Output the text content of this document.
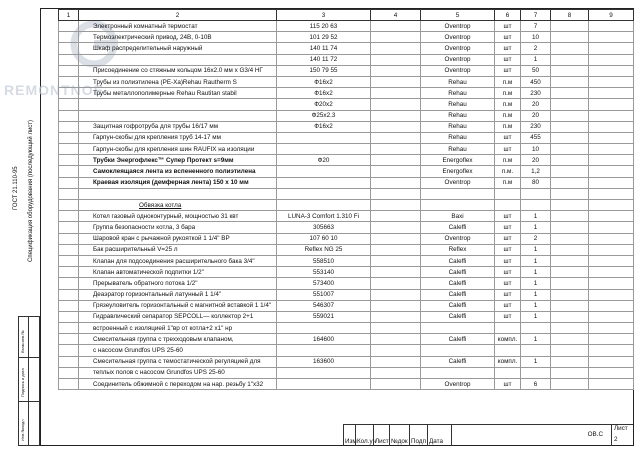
REMONTNOE
ГОСТ 21.110-95 Спецификация оборудования (последующий лист)
1	2	3	4	5	6	7	8	9
	Электронный комнатный термостат	115 20 63		Oventrop	шт	7		
	Термоэлектрический привод, 24В, 0-10В	101 29 52		Oventrop	шт	10		
	Шкаф распределительный наружный	140 11 74		Oventrop	шт	2		
		140 11 72		Oventrop	шт	1		
	Присоединение со стяжным кольцом 16x2.0 мм x G3/4 НГ	150 79 55		Oventrop	шт	50		
	Трубы из полиэтилена (PE-Xa)Rehau Rautherm S	Ф16x2		Rehau	п.м	450		
	Трубы металлополимерные Rehau Rautitan stabil	Ф16x2		Rehau	п.м	230		
		Ф20x2		Rehau	п.м	20		
		Ф25x2.3		Rehau	п.м	20		
	Защитная гофротруба для трубы 16/17 мм	Ф16x2		Rehau	п.м	230		
	Гарпун-скобы для крепления труб 14-17 мм			Rehau	шт	455		
	Гарпун-скобы для крепления шин RAUFIX на изоляции			Rehau	шт	10		
	Трубки Энергофлекс™ Супер Протект s=9мм	Ф20		Energoflex	п.м	20		
	Самоклеящаяся лента из вспененного полиэтилена			Energoflex	п.м.	1,2		
	Краевая изоляция (демферная лента) 150 х 10 мм			Oventrop	п.м	80		

	Обвязка котла							
	Котел газовый одноконтурный, мощностью 31 квт	LUNA-3 Comfort 1.310 Fi		Baxi	шт	1		
	Группа безопасности котла, 3 бара	305663		Caleffi	шт	1		
	Шаровой кран с рычажной рукояткой 1 1/4" ВР	107 60 10		Oventrop	шт	2		
	Бак расширительный V=25 л	Reflex NG 25		Reflex	шт	1		
	Клапан для подсоединения расширительного бака 3/4"	558510		Caleffi	шт	1		
	Клапан автоматической подпитки 1/2"	553140		Caleffi	шт	1		
	Прерыватель обратного потока 1/2"	573400		Caleffi	шт	1		
	Деаэратор горизонтальный латунный 1 1/4"	551007		Caleffi	шт	1		
	Грязеуловитель горизонтальный с магнитной вставкой 1 1/4"	546307		Caleffi	шт	1		
	Гидравлический сепаратор SEPCOLL— коллектор 2+1	559021		Caleffi	шт	1		
	встроенный с изоляцией 1"вр от котла+2 х1" нр							
	Смесительная группа с трехходовым клапаном,	164600		Caleffi	компл.	1		
	с насосом Grundfos UPS 25-60							
	Смесительная группа с темостатической регуляцией для	163600		Caleffi	компл.	1		
	теплых полов с насосом Grundfos UPS 25-60							
	Соединитель обжимной с переходом на нар. резьбу 1"x32			Oventrop	шт	6		
Взам.инв.№
Подпись и дата
Инв.№подл
Изм Кол.уч Лист №док Подп Дата
ОВ.С
Лист
2
